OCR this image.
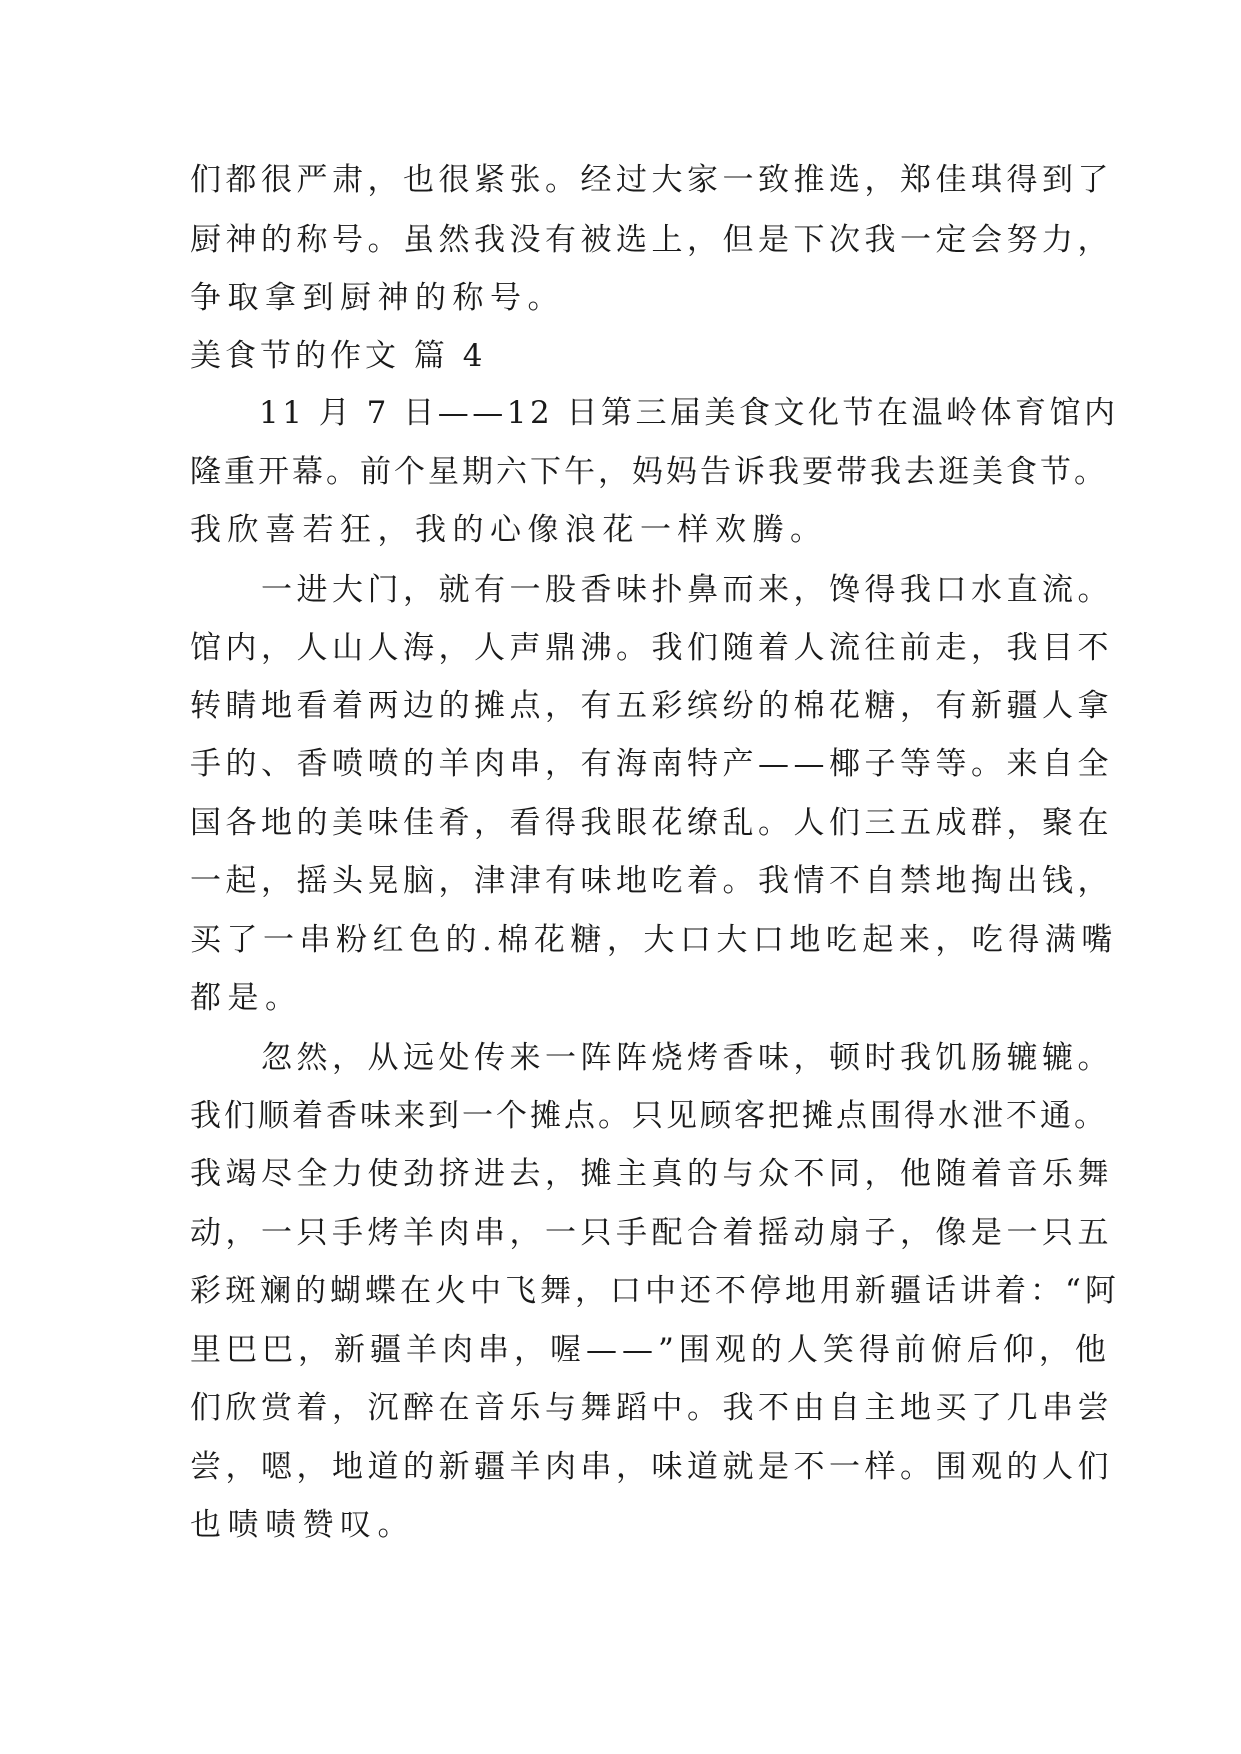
们都很严肃，也很紧张。经过大家一致推选，郑佳琪得到了
厨神的称号。虽然我没有被选上，但是下次我一定会努力，
争取拿到厨神的称号。
美食节的作文 篇 4
　　11 月 7 日——12 日第三届美食文化节在温岭体育馆内
隆重开幕。前个星期六下午，妈妈告诉我要带我去逛美食节。
我欣喜若狂，我的心像浪花一样欢腾。
　　一进大门，就有一股香味扑鼻而来，馋得我口水直流。
馆内，人山人海，人声鼎沸。我们随着人流往前走，我目不
转睛地看着两边的摊点，有五彩缤纷的棉花糖，有新疆人拿
手的、香喷喷的羊肉串，有海南特产——椰子等等。来自全
国各地的美味佳肴，看得我眼花缭乱。人们三五成群，聚在
一起，摇头晃脑，津津有味地吃着。我情不自禁地掏出钱，
买了一串粉红色的.棉花糖，大口大口地吃起来，吃得满嘴
都是。
　　忽然，从远处传来一阵阵烧烤香味，顿时我饥肠辘辘。
我们顺着香味来到一个摊点。只见顾客把摊点围得水泄不通。
我竭尽全力使劲挤进去，摊主真的与众不同，他随着音乐舞
动，一只手烤羊肉串，一只手配合着摇动扇子，像是一只五
彩斑斓的蝴蝶在火中飞舞，口中还不停地用新疆话讲着：“阿
里巴巴，新疆羊肉串，喔——”围观的人笑得前俯后仰，他
们欣赏着，沉醉在音乐与舞蹈中。我不由自主地买了几串尝
尝，嗯，地道的新疆羊肉串，味道就是不一样。围观的人们
也啧啧赞叹。
